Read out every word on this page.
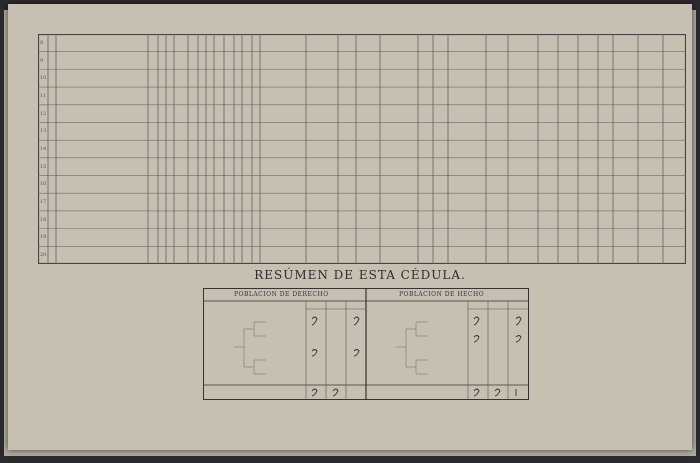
8
9
10
11
12
13
14
15
16
17
18
19
20
RESÚMEN DE ESTA CÉDULA.

POBLACION DE DERECHO	POBLACION DE HECHO
